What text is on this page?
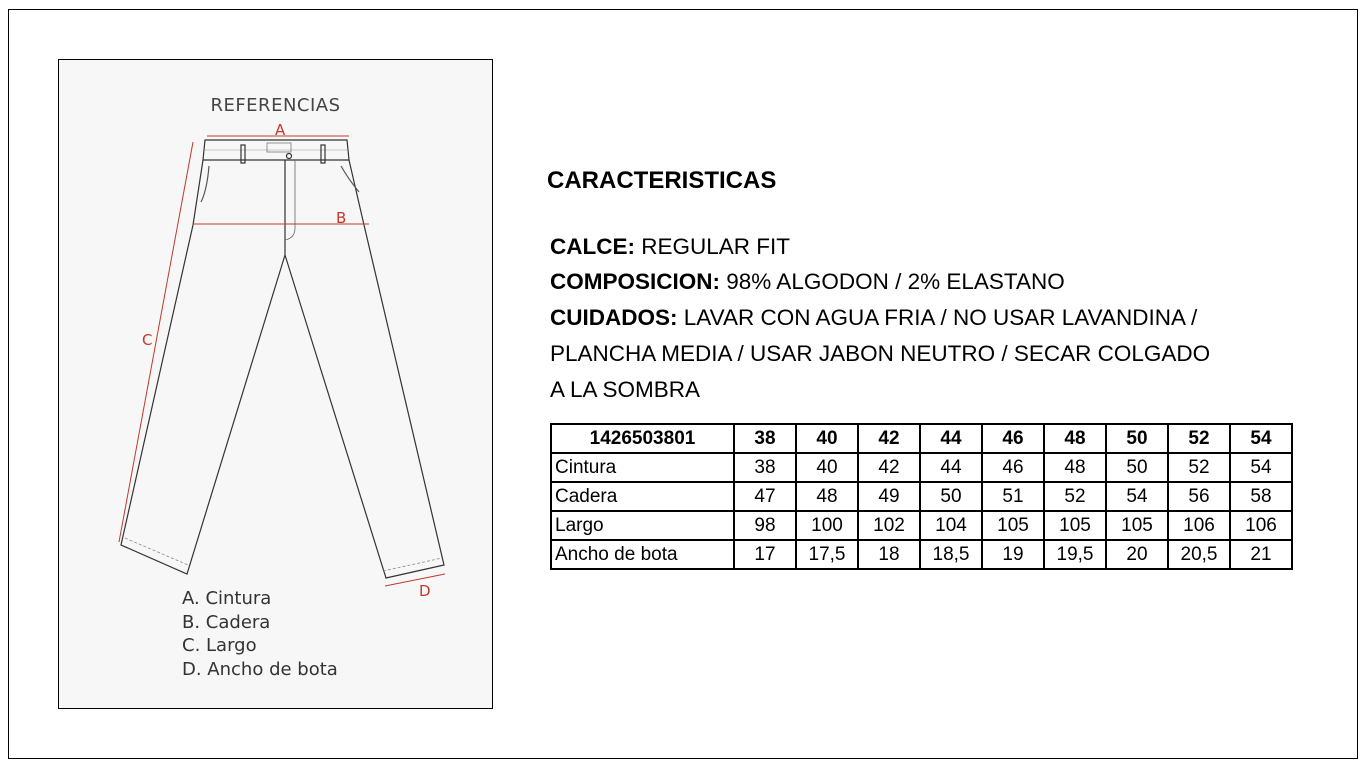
REFERENCIAS
A
B
C
D
A. Cintura
B. Cadera
C. Largo
D. Ancho de bota
CARACTERISTICAS
CALCE: REGULAR FIT
COMPOSICION: 98% ALGODON / 2% ELASTANO
CUIDADOS: LAVAR CON AGUA FRIA / NO USAR LAVANDINA /
PLANCHA MEDIA / USAR JABON NEUTRO / SECAR COLGADO
A LA SOMBRA
1426503801	38	40	42	44	46	48	50	52	54
Cintura	38	40	42	44	46	48	50	52	54
Cadera	47	48	49	50	51	52	54	56	58
Largo	98	100	102	104	105	105	105	106	106
Ancho de bota	17	17,5	18	18,5	19	19,5	20	20,5	21
